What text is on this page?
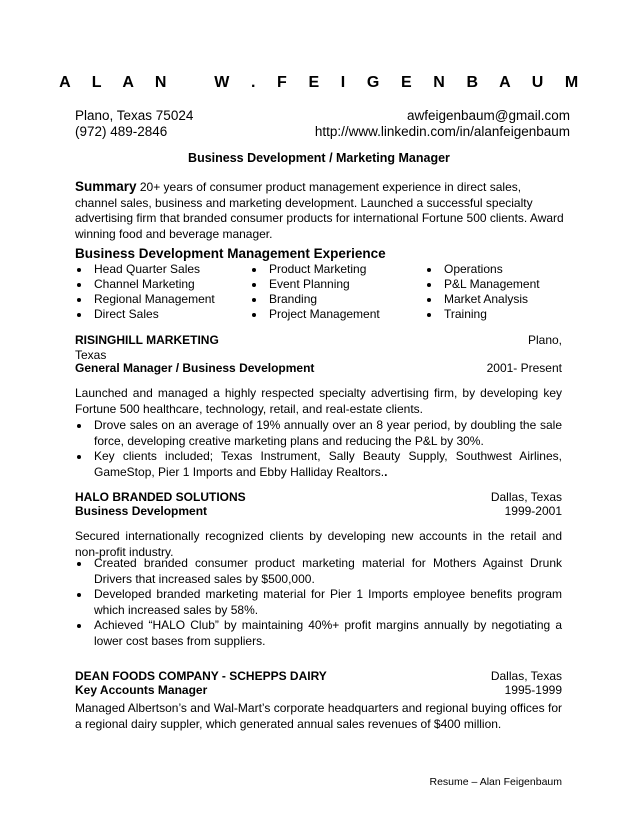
A L A N   W . F E I G E N B A U M
Plano, Texas 75024
(972) 489-2846
awfeigenbaum@gmail.com
http://www.linkedin.com/in/alanfeigenbaum
Business Development / Marketing Manager
Summary 20+ years of consumer product management experience in direct sales, channel sales, business and marketing development. Launched a successful specialty advertising firm that branded consumer products for international Fortune 500 clients. Award winning food and beverage manager.
Business Development Management Experience
Head Quarter Sales
Channel Marketing
Regional Management
Direct Sales
Product Marketing
Event Planning
Branding
Project Management
Operations
P&L Management
Market Analysis
Training
RISINGHILL MARKETING	Plano,
Texas
General Manager / Business Development	2001- Present
Launched and managed a highly respected specialty advertising firm, by developing key Fortune 500 healthcare, technology, retail, and real-estate clients.
Drove sales on an average of 19% annually over an 8 year period, by doubling the sale force, developing creative marketing plans and reducing the P&L by 30%.
Key clients included; Texas Instrument, Sally Beauty Supply, Southwest Airlines, GameStop, Pier 1 Imports and Ebby Halliday Realtors..
HALO BRANDED SOLUTIONS	Dallas, Texas
Business Development	1999-2001
Secured internationally recognized clients by developing new accounts in the retail and non-profit industry.
Created branded consumer product marketing material for Mothers Against Drunk Drivers that increased sales by $500,000.
Developed branded marketing material for Pier 1 Imports employee benefits program which increased sales by 58%.
Achieved “HALO Club” by maintaining 40%+ profit margins annually by negotiating a lower cost bases from suppliers.
DEAN FOODS COMPANY - SCHEPPS DAIRY	Dallas, Texas
Key Accounts Manager	1995-1999
Managed Albertson’s and Wal-Mart’s corporate headquarters and regional buying offices for a regional dairy suppler, which generated annual sales revenues of $400 million.
Resume – Alan Feigenbaum
